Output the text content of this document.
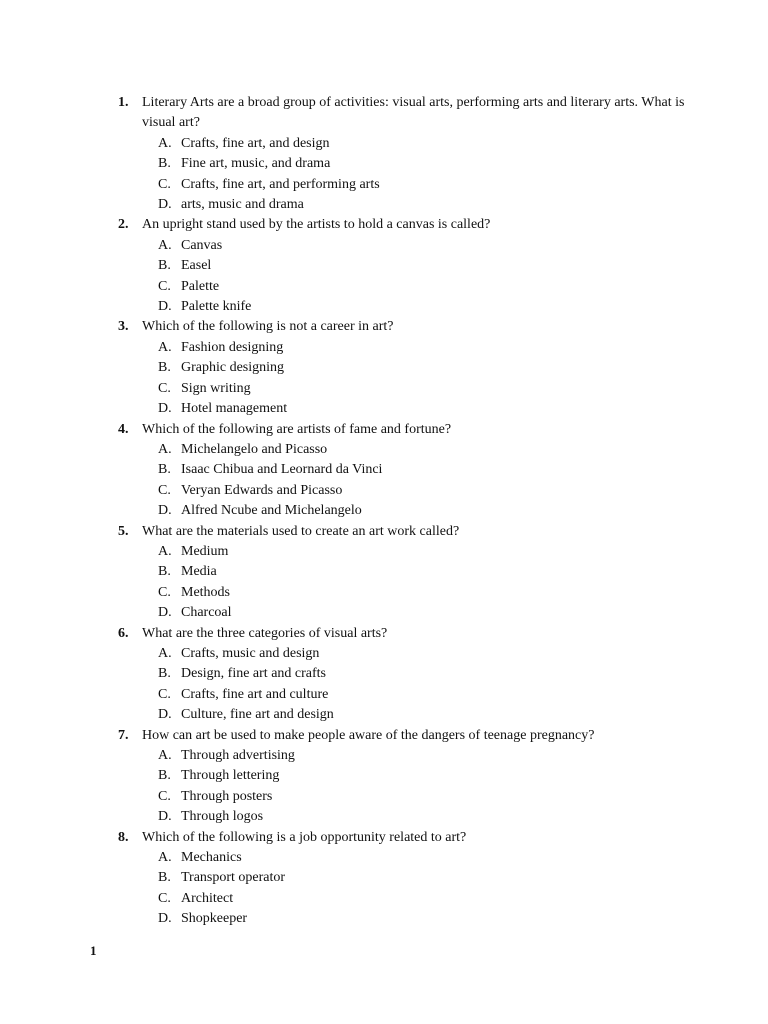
1. Literary Arts are a broad group of activities: visual arts, performing arts and literary arts. What is visual art?
A. Crafts, fine art, and design
B. Fine art, music, and drama
C. Crafts, fine art, and performing arts
D. arts, music and drama
2. An upright stand used by the artists to hold a canvas is called?
A. Canvas
B. Easel
C. Palette
D. Palette knife
3. Which of the following is not a career in art?
A. Fashion designing
B. Graphic designing
C. Sign writing
D. Hotel management
4. Which of the following are artists of fame and fortune?
A. Michelangelo and Picasso
B. Isaac Chibua and Leornard da Vinci
C. Veryan Edwards and Picasso
D. Alfred Ncube and Michelangelo
5. What are the materials used to create an art work called?
A. Medium
B. Media
C. Methods
D. Charcoal
6. What are the three categories of visual arts?
A. Crafts, music and design
B. Design, fine art and crafts
C. Crafts, fine art and culture
D. Culture, fine art and design
7. How can art be used to make people aware of the dangers of teenage pregnancy?
A. Through advertising
B. Through lettering
C. Through posters
D. Through logos
8. Which of the following is a job opportunity related to art?
A. Mechanics
B. Transport operator
C. Architect
D. Shopkeeper
1
